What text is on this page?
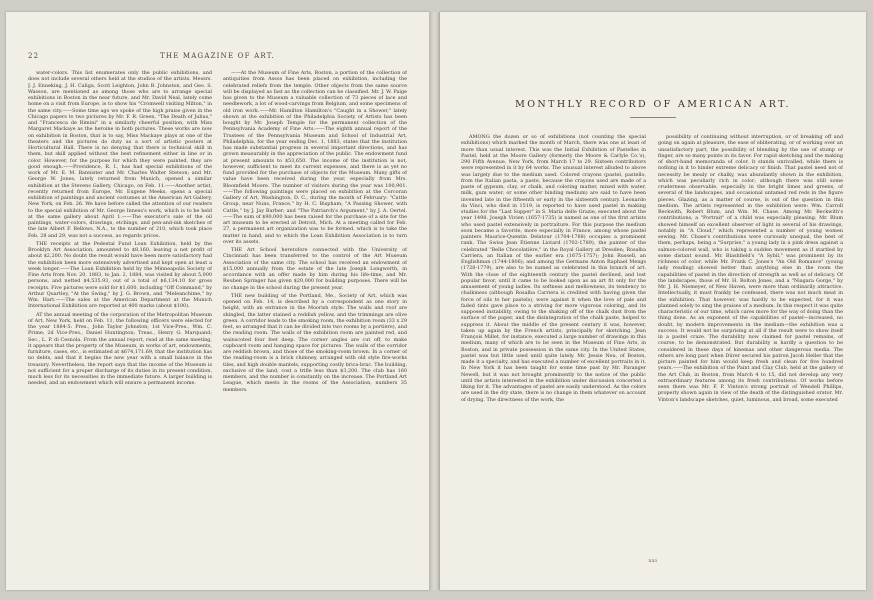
22	THE MAGAZINE OF ART.

water-colors. This list enumerates only the public exhibitions, and does not include several others held at the studios of the artists. Messrs. J. J. Enneking, J. H. Caliga, Scott Leighton, John B. Johnston, and Geo. S. Wasson, are mentioned as among those who are to arrange special exhibitions in Boston in the near future, and Mr. David Neal, lately come home on a visit from Europe, is to show his "Cromwell visiting Milton," in the same city.——Some time ago we spoke of the high praise given in the Chicago papers to two pictures by Mr. F. R. Green, "The Death of Julius," and "Francesca de Rimini" in a similarly cheerful position, with Miss Margaret Mackaye as the heroine in both pictures. These works are now on exhibition in Boston, that is to say, Miss Mackaye plays at one of the theaters and the pictures do duty as a sort of artistic posters at Horticultural Hall. There is no denying that there is technical skill in them, but skill applied without the best refinement either in line or in color. However, for the purpose for which they were painted, they are good enough.——Providence, R. I., has had special exhibitions of the work of Mr. E. M. Bannister and Mr. Charles Walter Stetson; and Mr. George W. Jones, lately returned from Munich, opened a similar exhibition at the Stevens Gallery, Chicago, on Feb. 11.——Another artist, recently returned from Europe, Mr. Eugene Meeks, opens a special exhibition of paintings and ancient costumes at the American Art Gallery, New York, on Feb. 26. We have before called the attention of our readers to the special exhibition of Mr. George Inness's work, which is to be held at the same gallery about April 1.——The executor's sale of the oil paintings, water-colors, drawings, etchings, and pen-and-ink sketches of the late Albert F. Bellows, N.A., to the number of 210, which took place Feb. 28 and 29, was not a success, as regards prices.

THE receipts at the Pedestal Fund Loan Exhibition, held by the Brooklyn Art Association, amounted to $8,160, leaving a net profit of about $2,200. No doubt the result would have been more satisfactory had the exhibition been more extensively advertised and kept open at least a week longer.——The Loan Exhibition held by the Minneapolis Society of Fine Arts from Nov. 20, 1883, to Jan. 2, 1884, was visited by about 5,000 persons, and netted $4,535.93, out of a total of $6,134.10 for gross receipts. Five pictures were sold for $1,600, including "Off Command," by Arthur Quartley, "At the Swing," by J. G. Brown, and "Meleanchime," by Wm. Hart.——The sales at the American Department at the Munich International Exhibition are reported at 400 marks (about $100).

AT the annual meeting of the corporation of the Metropolitan Museum of Art, New York, held on Feb. 11, the following officers were elected for the year 1884-5: Pres., John Taylor Johnston; 1st Vice-Pres., Wm. C. Prime; 2d Vice-Pres., Daniel Huntington; Treas., Henry G. Marquand; Sec., L. P. di Cesnola. From the annual report, read at the same meeting, it appears that the property of the Museum, in works of art, endowments, furniture, cases, etc., is estimated at $674,171.69, that the institution has no debts, and that it begins the new year with a small balance in the treasury. Nevertheless, the report says that the income of the Museum is not sufficient for a proper discharge of its duties in its present condition, much less for its necessities in the immediate future. A larger building is needed, and an endowment which will ensure a permanent income.

——At the Museum of Fine Arts, Boston, a portion of the collection of antiquities from Assos has been placed on exhibition, including the celebrated reliefs from the temple. Other objects from the same source will be displayed as fast as the collection can be classified. Mr. J. W. Paige has given to the Museum a valuable collection of 73 pieces of lace and needlework, a lot of wood-carvings from Belgium, and some specimens of old iron work.——Mr. Hamilton Hamilton's "Caught in a Shower," lately shown at the exhibition of the Philadelphia Society of Artists has been bought by Mr. Joseph Temple for the permanent collection of the Pennsylvania Academy of Fine Arts.——The eighth annual report of the Trustees of the Pennsylvania Museum and School of Industrial Art, Philadelphia, for the year ending Dec. 1, 1883, states that the institution has made substantial progress in several important directions, and has grown measurably in the appreciation of the public. The endowment fund at present amounts to $53,650. The income of the institution is not, however, sufficient to meet its current expenses, and there is as yet no fund provided for the purchase of objects for the Museum. Many gifts of value have been received during the year, especially from Mrs. Bloomfield Moore. The number of visitors during the year was 100,901.——The following paintings were placed on exhibition at the Corcoran Gallery of Art, Washington, D. C., during the month of February: "Cattle Group, near Nuns, France," by H. C. Bispham; "A Passing Shower, with Cattle," by J. Jay Barber; and "The Patriarch's Argument," by J. A. Oertel.——The sum of $90,000 has been raised for the purchase of a site for the art museum to be erected at Detroit, Mich. At a meeting called for Feb. 27, a permanent art organization was to be formed, which is to take the matter in hand, and to which the Loan Exhibition Association is to turn over its assets.

THE Art School heretofore connected with the University of Cincinnati has been transferred to the control of the Art Museum Association of the same city. The school has received an endowment of $15,000 annually from the estate of the late Joseph Longworth, in accordance with an offer made by him during his life-time, and Mr. Reuben Springer has given $20,000 for building purposes. There will be no change in the school during the present year.

THE new building of the Portland, Me., Society of Art, which was opened on Feb. 14, is described by a correspondent as one story in height, with an entrance in the Moorish style. The walls and roof are shingled, the latter stained a reddish yellow, and the trimmings are olive green. A corridor leads to the smoking room, the exhibition room (33 x 29 feet, so arranged that it can be divided into two rooms by a portière), and the reading room. The walls of the exhibition room are painted red, and wainscoted four feet deep. The corner angles are cut off, to make cupboard room and hanging space for pictures. The walls of the corridor are reddish brown, and those of the smoking-room brown. In a corner of the reading-room is a brick chimney, arranged with old style fire-works tiles, and high double mantels, supporting costly brica-brac. The building, exclusive of the land, cost a trifle less than $3,200. The club has 160 members, and the number is constantly on the increase. The Portland Art League, which meets in the rooms of the Association, numbers 35 members.

MONTHLY RECORD OF AMERICAN ART.

AMONG the dozen or so of exhibitions (not counting the special exhibitions) which marked the month of March, there was one at least of more than usual interest. This was the Initial Exhibition of Pastelles in Pastel, held at the Moore Gallery (formerly the Moore & Carlyle Co.'s), 290 Fifth Avenue, New York, from March 17 to 29. Sixteen contributors were represented in it by 64 works. The unusual interest alluded to above was largely due to the medium used. Colored crayons (pastel, pastello, from the Italian pasta, a paste, because the crayons used are made of a paste of gypsum, clay, or chalk, and coloring matter, mixed with water, milk, gum water, or some other binding medium) are said to have been invented late in the fifteenth or early in the sixteenth century. Leonardo da Vinci, who died in 1519, is reported to have used pastel in making studies for the "Last Supper" in S. Maria delle Grazie, executed about the year 1498. Joseph Vivien (1657-1735) is named as one of the first artists who used pastel extensively in portraiture. For this purpose the medium soon became a favorite, more especially in France, among whose pastel painters Maurice-Quentin Delatour (1704-1788) occupies a prominent rank. The Swiss Jean Étienne Liotard (1702-1789), the painter of the celebrated "Belle Chocolatière," in the Royal Gallery at Dresden; Rosalba Carriera, an Italian of the earlier era (1675-1757); John Russell, an Englishman (1744-1806); and among the Germans Anton Raphael Mengs (1728-1779), are also to be named as celebrated in this branch of art. With the close of the eighteenth century the pastel declined, and lost popular favor, until it came to be looked upon as an art fit only for the amusement of young ladies. Its softness and mellowness, its tendency to chalkiness (although Rosalba Carriera is credited with having given the force of oils to her pastels), were against it when the love of pale and faded tints gave place to a striving for more vigorous coloring, and its supposed instability, owing to the shaking off of the chalk dust from the surface of the paper, and the disintegration of the chalk paste, helped to suppress it. About the middle of the present century it was, however, taken up again by the French artists, principally for sketching. Jean François Millet, for instance, executed a large number of drawings in this medium, many of which are to be seen in the Museum of Fine Arts, in Boston, and in private possession in the same city. In the United States, pastel was but little used until quite lately. Mr. Jessie Neu, of Boston, made it a specialty, and has executed a number of excellent portraits in it. In New York it has been taught for some time past by Mr. Paranger Newell, but it was not brought prominently to the notice of the public until the artists interested in the exhibition under discussion concerted a liking for it. The advantages of pastel are easily understood. As the colors are used in the dry state, there is no change in them whatever on account of drying. The directness of the work, the

possibility of continuing without interruption, or of breaking off and going on again at pleasure, the ease of obliterating, or of working over an unsatisfactory part, the possibility of blending by the use of stump or finger, are so many points in its favor. For rapid sketching and the making of short-hand memoranda of color, it stands unrivalled, while there is nothing in it to hinder extreme delicacy or finish. That pastel need not of necessity be mealy or chalky, was abundantly shown in the exhibition, which was peculiarly rich in color; although there was still some cruderness observable, especially in the bright limes and greens, of several of the landscapes, and occasional untamed red reds in the figure pieces. Glazing, as a matter of course, is out of the question in this medium. The artists represented in the exhibition were: Wm. Carroll Beckwith, Robert Blum, and Wm. M. Chase. Among Mr. Beckwith's contributions, a "Portrait" of a child was especially pleasing. Mr. Blum showed himself an excellent observer of light in several of his drawings, notably in "A Cloud," which represented a number of young women sewing. Mr. Chase's contributions were curiously unequal, the best of them, perhaps, being a "Surprise," a young lady in a pink dress against a salmon-colored wall, who is taking a sudden movement as if startled by some distant sound. Mr. Blashfield's "A Sybil," was prominent by its richness of color, while Mr. Frank C. Jones's "An Old Romance" (young lady reading) showed better than anything else in the room the capabilities of pastel in the direction of strength as well as of delicacy. Of the landscapes, those of Mr. H. Bolton Jones, and a "Niagara Gorge," by Mr. J. H. Niemeyer, of New Haven, were more than ordinarily attractive. Intellectually, it must frankly be confessed, there was not much meat in the exhibition. That however, was hardly to be expected, for it was planned solely to sing the praises of a medium. In this respect it was quite characteristic of our time, which cares more for the way of doing than the thing done. As an exponent of the capabilities of pastel—increased, no doubt, by modern improvements in the medium—the exhibition was a success. It would not be surprising at all if the result were to show itself in a pastel craze. The durability now claimed for pastel remains, of course, to be demonstrated. But durability is hardly a question to be considered in these days of kinemas and other dangerous media. The others are long past when Dürer secured his patron Jacob Heller that the picture painted for him would keep fresh and clean for five hundred years.——The exhibition of the Paint and Clay Club, held at the gallery of the Art Club, in Boston, from March 4 to 15, did not develop any very extraordinary features among its fresh contributions. Of works before seen there was Mr. F. P. Vinton's strong portrait of Wendell Phillips, properly shown again in view of the death of the distinguished orator. Mr. Vinton's landscape sketches, quiet, luminous, and broad, some executed

xxi
